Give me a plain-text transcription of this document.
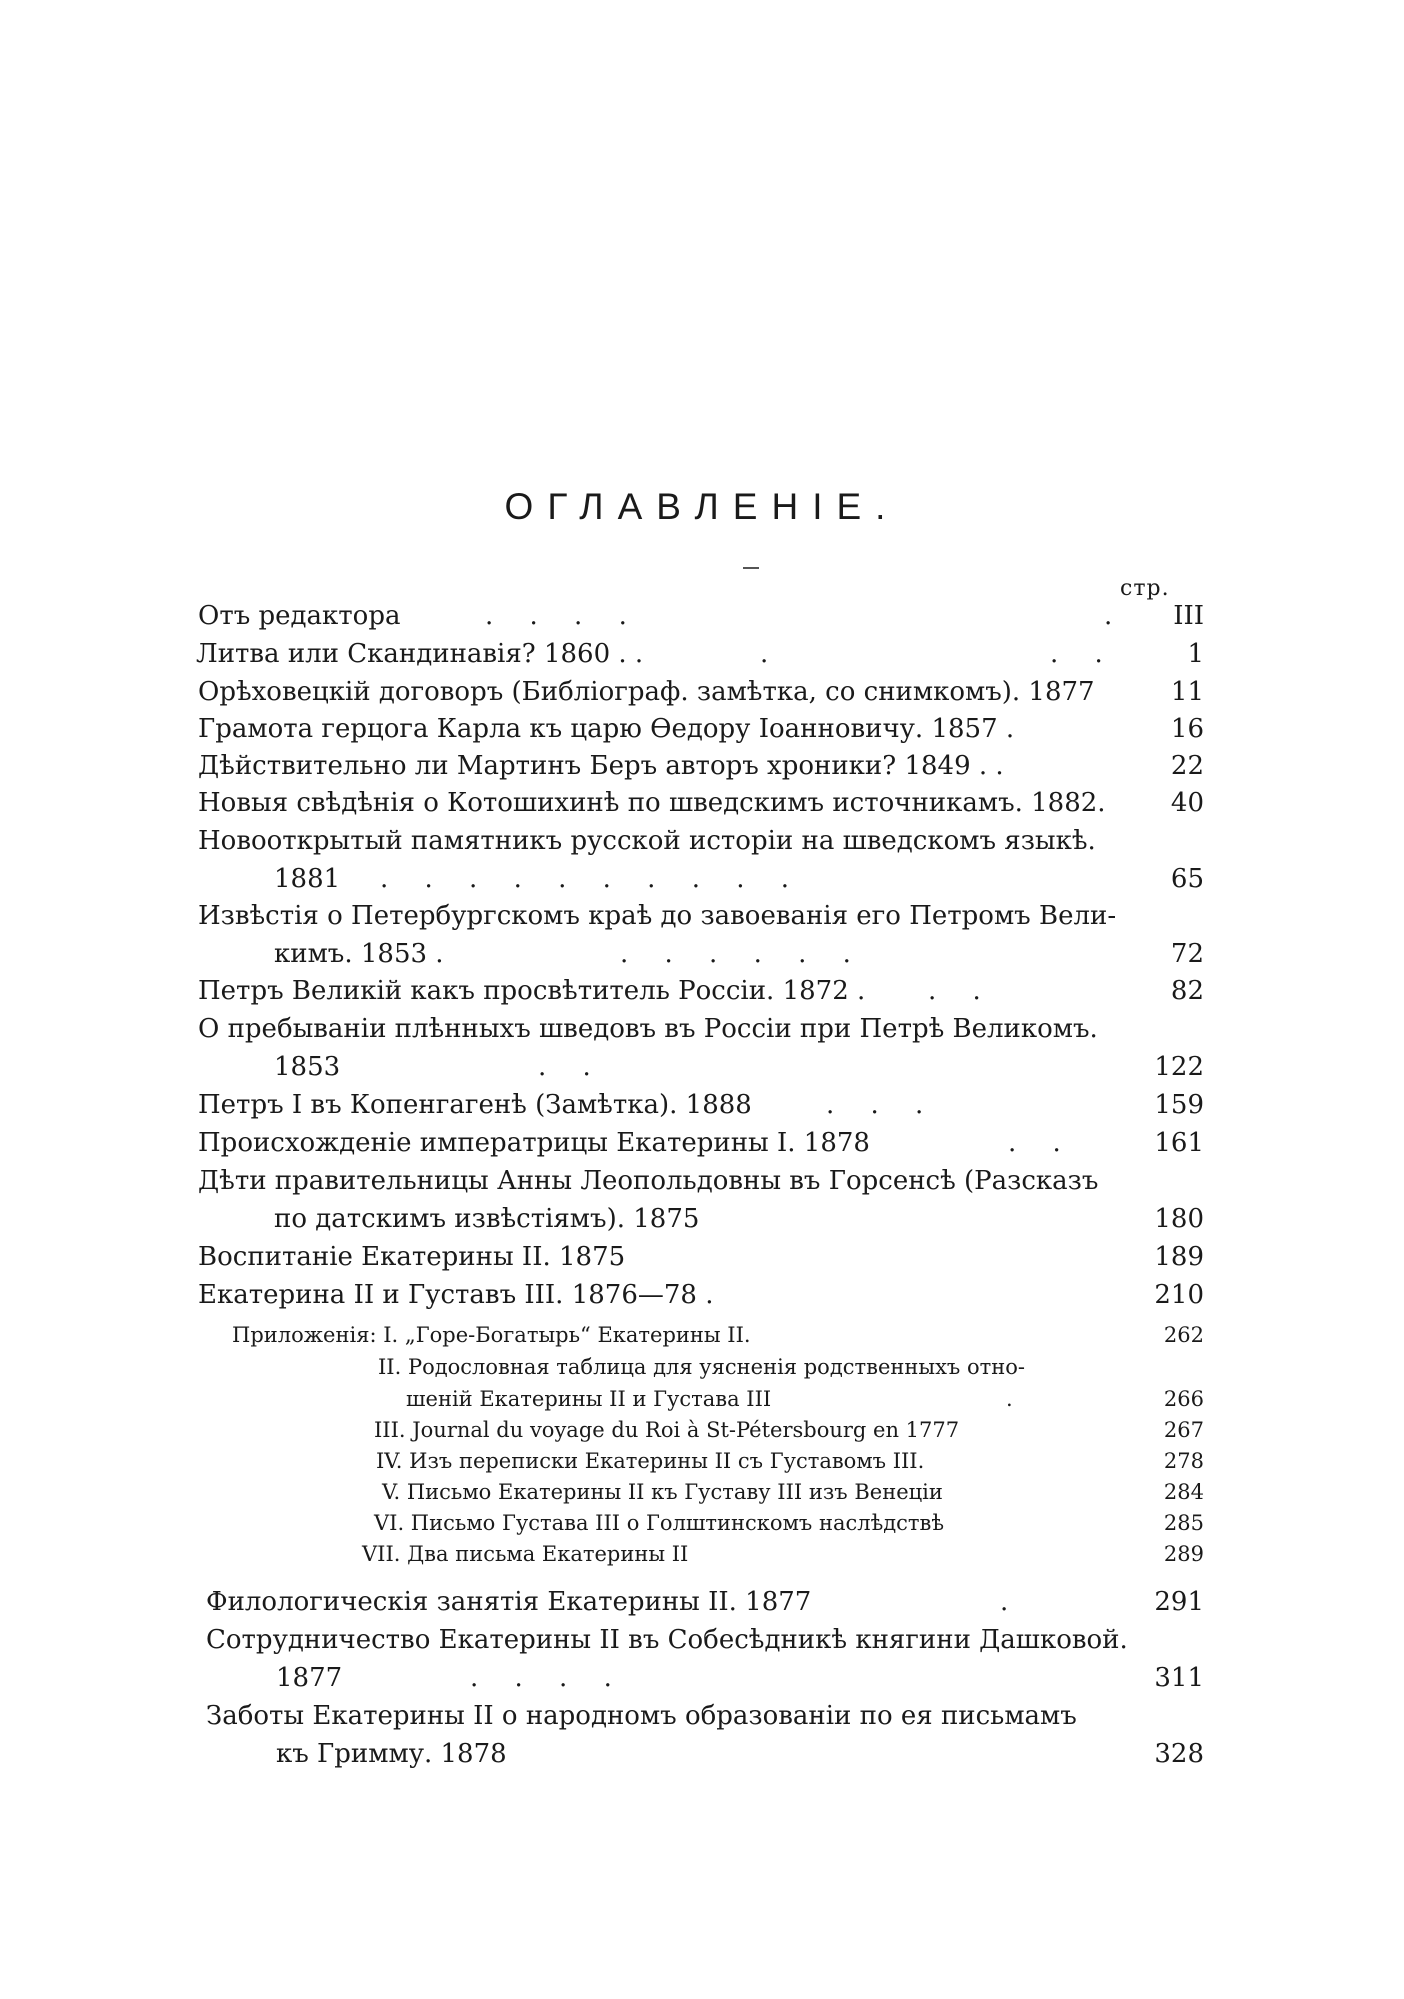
ОГЛАВЛЕНІЕ.
стр.
Отъ редактора	. . . .	. III
Литва или Скандинавія? 1860 . .	.	. .	1
Орѣховецкій договоръ (Библіограф. замѣтка, со снимкомъ). 1877	11
Грамота герцога Карла къ царю Ѳедору Іоанновичу. 1857 .	16
Дѣйствительно ли Мартинъ Беръ авторъ хроники? 1849 . .	22
Новыя свѣдѣнія о Котошихинѣ по шведскимъ источникамъ. 1882.	40
Новооткрытый памятникъ русской исторіи на шведскомъ языкѣ.
1881 . . . . . . . . . .	65
Извѣстія о Петербургскомъ краѣ до завоеванія его Петромъ Вели-
кимъ. 1853 .	. . . . . .	72
Петръ Великій какъ просвѣтитель Россіи. 1872 . . .	82
О пребываніи плѣнныхъ шведовъ въ Россіи при Петрѣ Великомъ.
1853	. .	122
Петръ I въ Копенгагенѣ (Замѣтка). 1888	. . .	159
Происхожденіе императрицы Екатерины I. 1878	. .	161
Дѣти правительницы Анны Леопольдовны въ Горсенсѣ (Разсказъ
по датскимъ извѣстіямъ). 1875	180
Воспитаніе Екатерины II. 1875	189
Екатерина II и Густавъ III. 1876—78 .	210
Приложенія: I. „Горе-Богатырь“ Екатерины II.	262
II. Родословная таблица для уясненія родственныхъ отно-
шеній Екатерины II и Густава III	.	266
III. Journal du voyage du Roi à St-Pétersbourg en 1777	267
IV. Изъ переписки Екатерины II съ Густавомъ III.	278
V. Письмо Екатерины II къ Густаву III изъ Венеціи	284
VI. Письмо Густава III о Голштинскомъ наслѣдствѣ	285
VII. Два письма Екатерины II	289
Филологическія занятія Екатерины II. 1877	.	291
Сотрудничество Екатерины II въ Собесѣдникѣ княгини Дашковой.
1877	. . . .	311
Заботы Екатерины II о народномъ образованіи по ея письмамъ
къ Гримму. 1878	328
